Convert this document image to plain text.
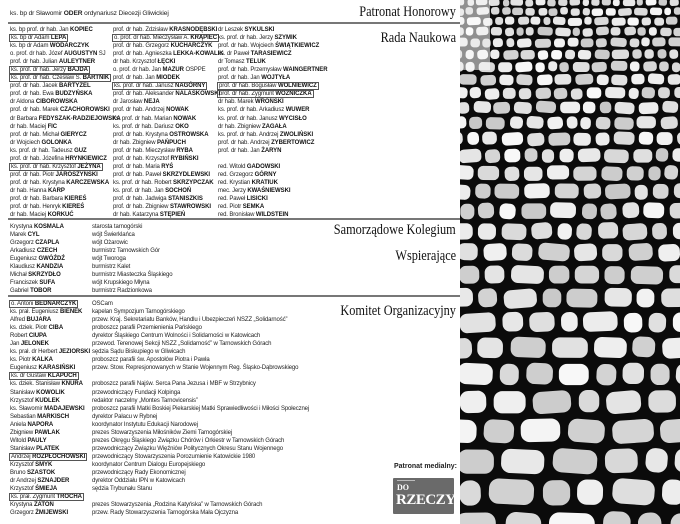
ks. bp dr Sławomir ODER ordynariusz Diecezji Gliwickiej	Patronat Honorowy
Rada Naukowa
ks. bp prof. dr hab. Jan KOPIEC
ks. bp dr Adam LEPA
ks. bp dr Adam WODARCZYK
o. prof. dr hab. Józef AUGUSTYN SJ
prof. dr hab. Julian AULEYTNER
ks. prof. dr hab. Jerzy BAJDA
ks. prof. dr hab. Czesław S. BARTNIK
prof. dr hab. Jacek BARTYZEL
prof. dr hab. Ewa BUDZYŃSKA
dr Aldona CIBOROWSKA
prof. dr hab. Marek CZACHOROWSKI
dr Barbara FEDYSZAK-RADZIEJOWSKA
dr hab. Maciej FIC
prof. dr hab. Michał GIERYCZ
dr Wojciech GOLONKA
ks. prof. dr hab. Tadeusz GUZ
prof. dr hab. Józefina HRYNKIEWICZ
ks. prof. dr hab. Krzysztof JEŻYNA
prof. dr hab. Piotr JAROSZYŃSKI
prof. dr hab. Krystyna KARCZEWSKA
dr hab. Hanna KARP
prof. dr hab. Barbara KIEREŚ
prof. dr hab. Henryk KIEREŚ
dr hab. Maciej KORKUĆ
prof. dr hab. Zdzisław KRASNODĘBSKI
o. prof. dr hab. Mieczysław A. KRĄPIEC
prof. dr hab. Grzegorz KUCHARCZYK
prof. dr hab. Agnieszka LEKKA-KOWALIK
dr hab. Krzysztof ŁĘCKI
o. prof. dr hab. Jan MAZUR OSPPE
prof. dr hab. Jan MIODEK
ks. prof. dr hab. Janusz NAGÓRNY
prof. dr hab. Aleksander NALASKOWSKI
dr Jarosław NEJA
prof. dr hab. Andrzej NOWAK
ks. prof. dr hab. Marian NOWAK
ks. prof. dr hab. Dariusz OKO
prof. dr hab. Krystyna OSTROWSKA
dr hab. Zbigniew PAŃPUCH
prof. dr hab. Mieczysław RYBA
prof. dr hab. Krzysztof RYBIŃSKI
prof. dr hab. Maria RYŚ
prof. dr hab. Paweł SKRZYDLEWSKI
ks. prof. dr hab. Robert SKRZYPCZAK
ks. prof. dr hab. Jan SOCHOŃ
prof. dr hab. Jadwiga STANISZKIS
prof. dr hab. Zbigniew STAWROWSKI
dr hab. Katarzyna STĘPIEŃ
dr Leszek SYKULSKI
ks. prof. dr hab. Jerzy SZYMIK
prof. dr hab. Wojciech ŚWIĄTKIEWICZ
ks. dr Paweł TARASIEWICZ
dr Tomasz TELUK
prof. dr hab. Przemysław WAINGERTNER
prof. dr hab. Jan WOJTYŁA
prof. dr hab. Bogusław WOLNIEWICZ
prof. dr hab. Zygmunt WOŹNICZKA
dr hab. Marek WROŃSKI
ks. prof. dr hab. Arkadiusz WUWER
ks. prof. dr hab. Janusz WYCISŁO
dr hab. Zbigniew ZAGAŁA
ks. prof. dr hab. Andrzej ZWOLIŃSKI
prof. dr hab. Andrzej ZYBERTOWICZ
prof. dr hab. Jan ŻARYN
red. Witold GADOWSKI
red. Grzegorz GÓRNY
red. Krystian KRATIUK
mec. Jerzy KWAŚNIEWSKI
red. Paweł LISICKI
red. Piotr SEMKA
red. Bronisław WILDSTEIN
Samorządowe Kolegium
Wspierające
Krystyna KOSMALA
Marek CYL
Grzegorz CZAPLA
Arkadiusz CZECH
Eugeniusz GWÓŹDŹ
Klaudiusz KANDZIA
Michał SKRZYDŁO
Franciszek SUFA
Gabriel TOBOR
starosta tarnogórski
wójt Świerklańca
wójt Ożarowic
burmistrz Tarnowskich Gór
wójt Tworoga
burmistrz Kalet
burmistrz Miasteczka Śląskiego
wójt Krupskiego Młyna
burmistrz Radzionkowa
Komitet Organizacyjny
o. Antoni BEDNARCZYK
ks. prał. Eugeniusz BIENEK
Alfred BUJARA
ks. dziek. Piotr CIBA
Robert CIUPA
Jan JELONEK
ks. prał. dr Herbert JEZIORSKI
ks. Piotr KALKA
Eugeniusz KARASIŃSKI
ks. dr Gustaw KLAPUCH
ks. dziek. Stanisław KNURA
Stanisław KOWOLIK
Krzysztof KUDLEK
ks. Sławomir MADAJEWSKI
Sebastian MARKISCH
Aniela NAPORA
Zbigniew PAWLAK
Witold PAULY
Stanisław PLATEK
Andrzej ROZPŁOCHOWSKI
Krzysztof SMYK
Bruno SZASTOK
dr Andrzej SZNAJDER
Krzysztof ŚMIEJA
ks. prał. Zygmunt TROCHA
Krystyna ZATOŃ
Grzegorz ŻMIJEWSKI
OSCam
kapelan Sympozjum Tarnogórskiego
przew. Kraj. Sekretariatu Banków, Handlu i Ubezpieczeń NSZZ „Solidarność”
proboszcz parafii Przemienienia Pańskiego
dyrektor Śląskiego Centrum Wolności i Solidarności w Katowicach
przewod. Terenowej Sekcji NSZZ „Solidarność” w Tarnowskich Górach
sędzia Sądu Biskupiego w Gliwicach
proboszcz parafii św. Apostołów Piotra i Pawła
przew. Stow. Represjonowanych w Stanie Wojennym Reg. Śląsko-Dąbrowskiego
proboszcz parafii Najśw. Serca Pana Jezusa i MBF w Strzybnicy
przewodniczący Fundacji Kolpinga
redaktor naczelny „Montes Tarnovicensis”
proboszcz parafii Matki Boskiej Piekarskiej Matki Sprawiedliwości i Miłości Społecznej
dyrektor Pałacu w Rybnej
koordynator Instytutu Edukacji Narodowej
prezes Stowarzyszenia Miłośników Ziemi Tarnogórskiej
prezes Okręgu Śląskiego Związku Chórów i Orkiestr w Tarnowskich Górach
przewodniczący Związku Więźniów Politycznych Okresu Stanu Wojennego
przewodniczący Stowarzyszenia Porozumienie Katowickie 1980
koordynator Centrum Dialogu Europejskiego
przewodniczący Rady Ekonomicznej
dyrektor Oddziału IPN w Katowicach
sędzia Trybunału Stanu
prezes Stowarzyszenia „Rodzina Katyńska” w Tarnowskich Górach
przew. Rady Stowarzyszenia Tarnogórska Mała Ojczyzna
Patronat medialny:
DO
RZECZY
